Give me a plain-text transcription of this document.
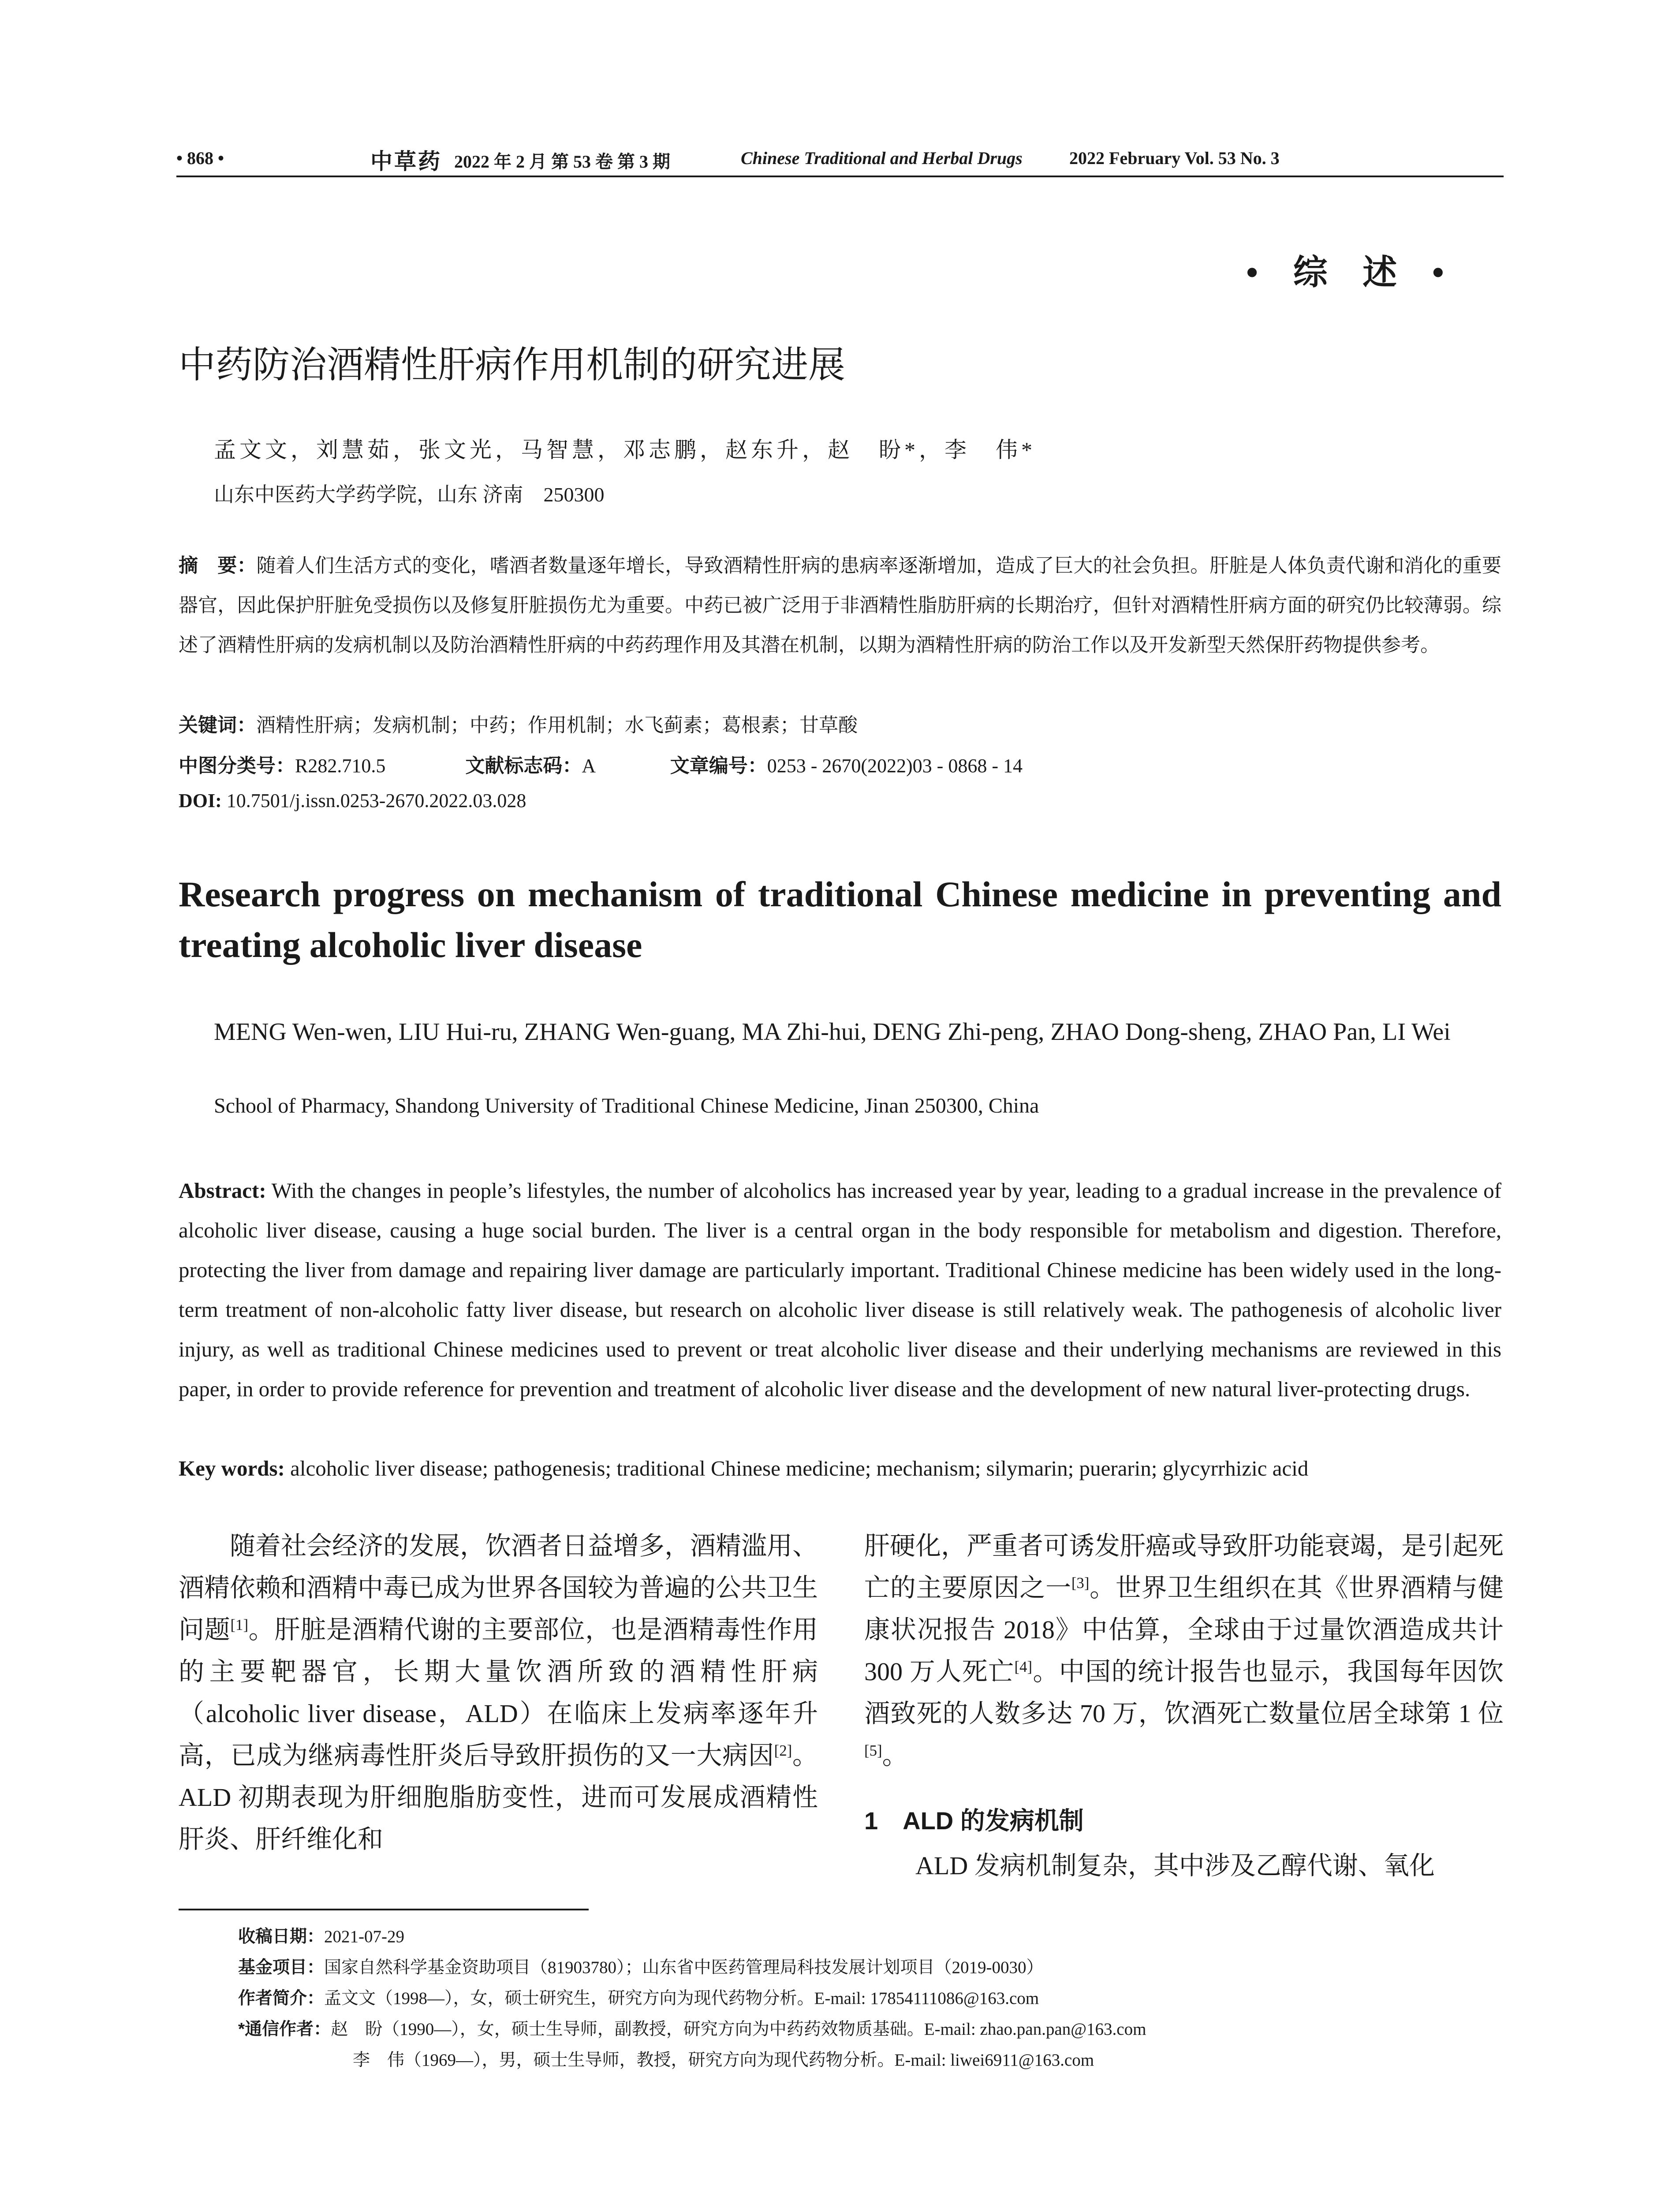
• 868 •	中草药 2022 年 2 月 第 53 卷 第 3 期	Chinese Traditional and Herbal Drugs	2022 February Vol. 53 No. 3
• 综 述 •
中药防治酒精性肝病作用机制的研究进展
孟文文，刘慧茹，张文光，马智慧，邓志鹏，赵东升，赵　盼*，李　伟*
山东中医药大学药学院，山东 济南　250300
摘　要：随着人们生活方式的变化，嗜酒者数量逐年增长，导致酒精性肝病的患病率逐渐增加，造成了巨大的社会负担。肝脏是人体负责代谢和消化的重要器官，因此保护肝脏免受损伤以及修复肝脏损伤尤为重要。中药已被广泛用于非酒精性脂肪肝病的长期治疗，但针对酒精性肝病方面的研究仍比较薄弱。综述了酒精性肝病的发病机制以及防治酒精性肝病的中药药理作用及其潜在机制，以期为酒精性肝病的防治工作以及开发新型天然保肝药物提供参考。
关键词：酒精性肝病；发病机制；中药；作用机制；水飞蓟素；葛根素；甘草酸
中图分类号：R282.710.5	文献标志码：A	文章编号：0253 - 2670(2022)03 - 0868 - 14
DOI: 10.7501/j.issn.0253-2670.2022.03.028
Research progress on mechanism of traditional Chinese medicine in preventing and treating alcoholic liver disease
MENG Wen-wen, LIU Hui-ru, ZHANG Wen-guang, MA Zhi-hui, DENG Zhi-peng, ZHAO Dong-sheng, ZHAO Pan, LI Wei
School of Pharmacy, Shandong University of Traditional Chinese Medicine, Jinan 250300, China
Abstract: With the changes in people’s lifestyles, the number of alcoholics has increased year by year, leading to a gradual increase in the prevalence of alcoholic liver disease, causing a huge social burden. The liver is a central organ in the body responsible for metabolism and digestion. Therefore, protecting the liver from damage and repairing liver damage are particularly important. Traditional Chinese medicine has been widely used in the long-term treatment of non-alcoholic fatty liver disease, but research on alcoholic liver disease is still relatively weak. The pathogenesis of alcoholic liver injury, as well as traditional Chinese medicines used to prevent or treat alcoholic liver disease and their underlying mechanisms are reviewed in this paper, in order to provide reference for prevention and treatment of alcoholic liver disease and the development of new natural liver-protecting drugs.
Key words: alcoholic liver disease; pathogenesis; traditional Chinese medicine; mechanism; silymarin; puerarin; glycyrrhizic acid
随着社会经济的发展，饮酒者日益增多，酒精滥用、酒精依赖和酒精中毒已成为世界各国较为普遍的公共卫生问题[1]。肝脏是酒精代谢的主要部位，也是酒精毒性作用的主要靶器官，长期大量饮酒所致的酒精性肝病（alcoholic liver disease，ALD）在临床上发病率逐年升高，已成为继病毒性肝炎后导致肝损伤的又一大病因[2]。ALD 初期表现为肝细胞脂肪变性，进而可发展成酒精性肝炎、肝纤维化和
肝硬化，严重者可诱发肝癌或导致肝功能衰竭，是引起死亡的主要原因之一[3]。世界卫生组织在其《世界酒精与健康状况报告 2018》中估算，全球由于过量饮酒造成共计 300 万人死亡[4]。中国的统计报告也显示，我国每年因饮酒致死的人数多达 70 万，饮酒死亡数量位居全球第 1 位[5]。
1　ALD 的发病机制
ALD 发病机制复杂，其中涉及乙醇代谢、氧化
收稿日期：2021-07-29
基金项目：国家自然科学基金资助项目（81903780）；山东省中医药管理局科技发展计划项目（2019-0030）
作者简介：孟文文（1998—），女，硕士研究生，研究方向为现代药物分析。E-mail: 17854111086@163.com
*通信作者：赵　盼（1990—），女，硕士生导师，副教授，研究方向为中药药效物质基础。E-mail: zhao.pan.pan@163.com
李　伟（1969—），男，硕士生导师，教授，研究方向为现代药物分析。E-mail: liwei6911@163.com
